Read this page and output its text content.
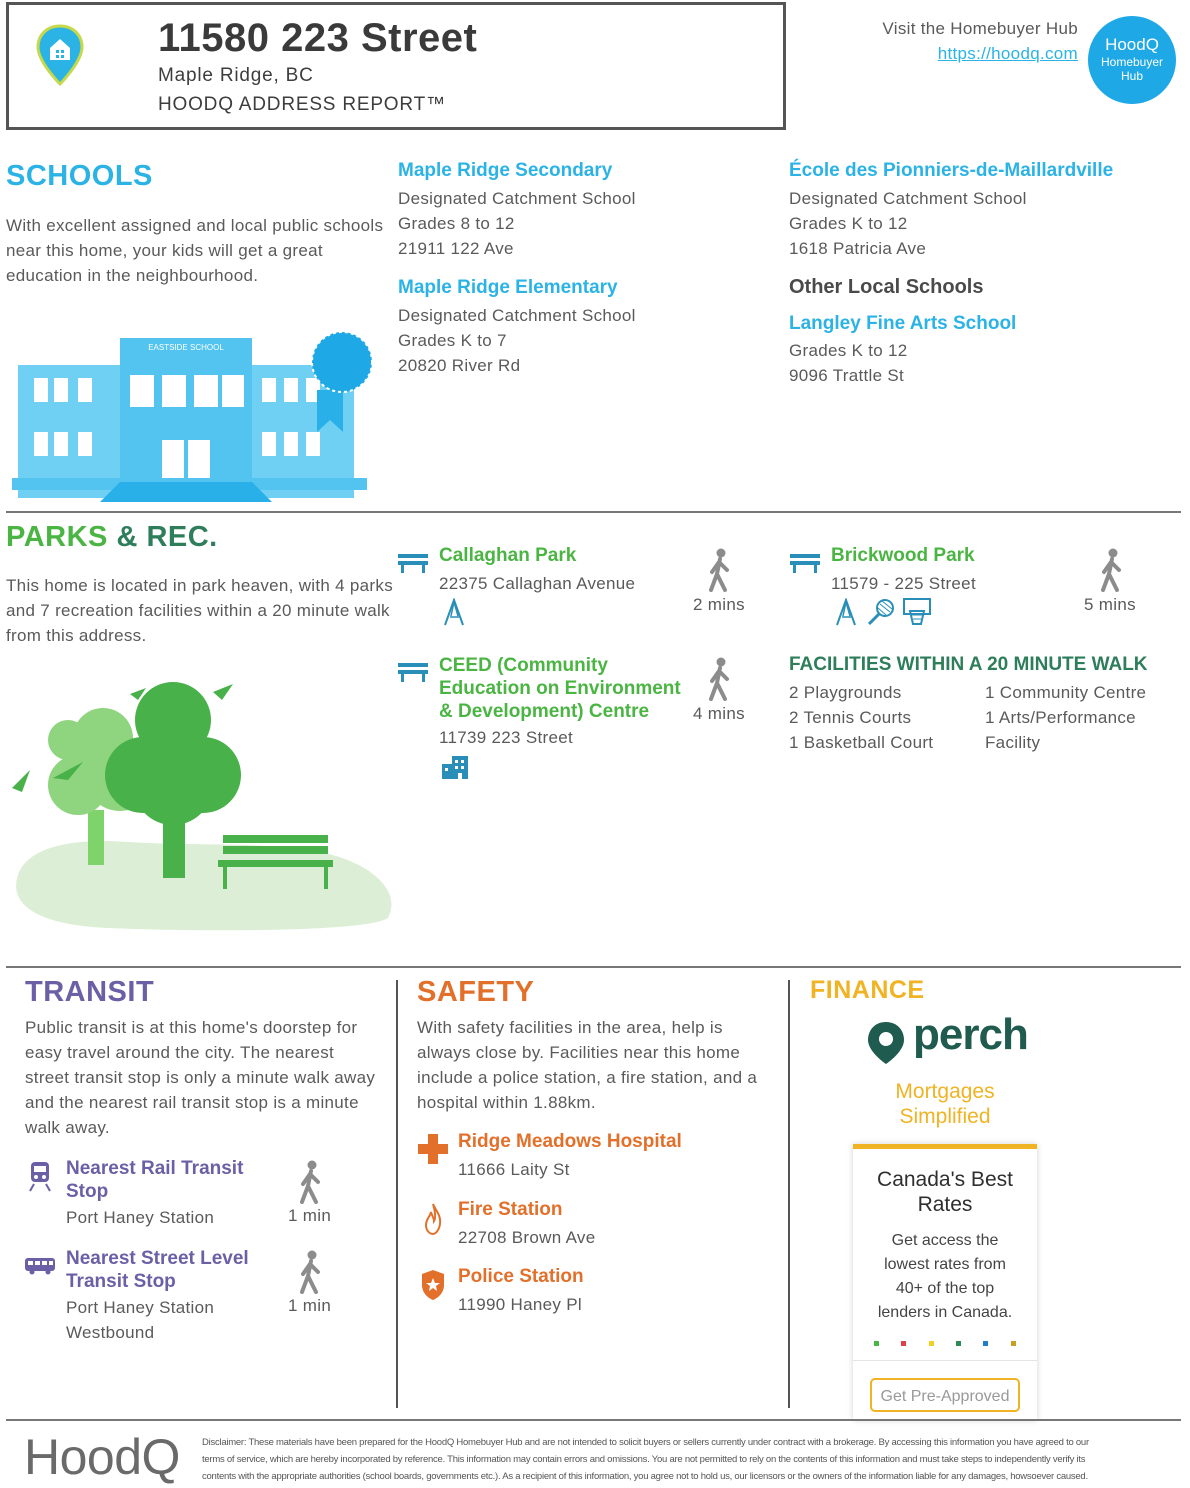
11580 223 Street
Maple Ridge, BC
HOODQ ADDRESS REPORT™
Visit the Homebuyer Hub
https://hoodq.com	HoodQ
Homebuyer
Hub
SCHOOLS
With excellent assigned and local public schools
near this home, your kids will get a great
education in the neighbourhood.
EASTSIDE SCHOOL
Maple Ridge Secondary
Designated Catchment School
Grades 8 to 12
21911 122 Ave
Maple Ridge Elementary
Designated Catchment School
Grades K to 7
20820 River Rd
École des Pionniers-de-Maillardville
Designated Catchment School
Grades K to 12
1618 Patricia Ave
Other Local Schools
Langley Fine Arts School
Grades K to 12
9096 Trattle St
PARKS & REC.
This home is located in park heaven, with 4 parks
and 7 recreation facilities within a 20 minute walk
from this address.
Callaghan Park
22375 Callaghan Avenue
2 mins
Brickwood Park
11579 - 225 Street
5 mins
CEED (Community
Education on Environment
& Development) Centre
11739 223 Street
4 mins
FACILITIES WITHIN A 20 MINUTE WALK
2 Playgrounds
2 Tennis Courts
1 Basketball Court
1 Community Centre
1 Arts/Performance
Facility
TRANSIT
Public transit is at this home's doorstep for
easy travel around the city. The nearest
street transit stop is only a minute walk away
and the nearest rail transit stop is a minute
walk away.
Nearest Rail Transit
Stop
Port Haney Station	1 min
Nearest Street Level
Transit Stop
Port Haney Station
Westbound
1 min
SAFETY
With safety facilities in the area, help is
always close by. Facilities near this home
include a police station, a fire station, and a
hospital within 1.88km.
Ridge Meadows Hospital
11666 Laity St
Fire Station
22708 Brown Ave
Police Station
11990 Haney Pl
FINANCE
perch
Mortgages
Simplified
Canada's Best
Rates
Get access the
lowest rates from
40+ of the top
lenders in Canada.
Get Pre-Approved
HoodQ Disclaimer: These materials have been prepared for the HoodQ Homebuyer Hub and are not intended to solicit buyers or sellers currently under contract with a brokerage. By accessing this information you have agreed to our
terms of service, which are hereby incorporated by reference. This information may contain errors and omissions. You are not permitted to rely on the contents of this information and must take steps to independently verify its
contents with the appropriate authorities (school boards, governments etc.). As a recipient of this information, you agree not to hold us, our licensors or the owners of the information liable for any damages, howsoever caused.
